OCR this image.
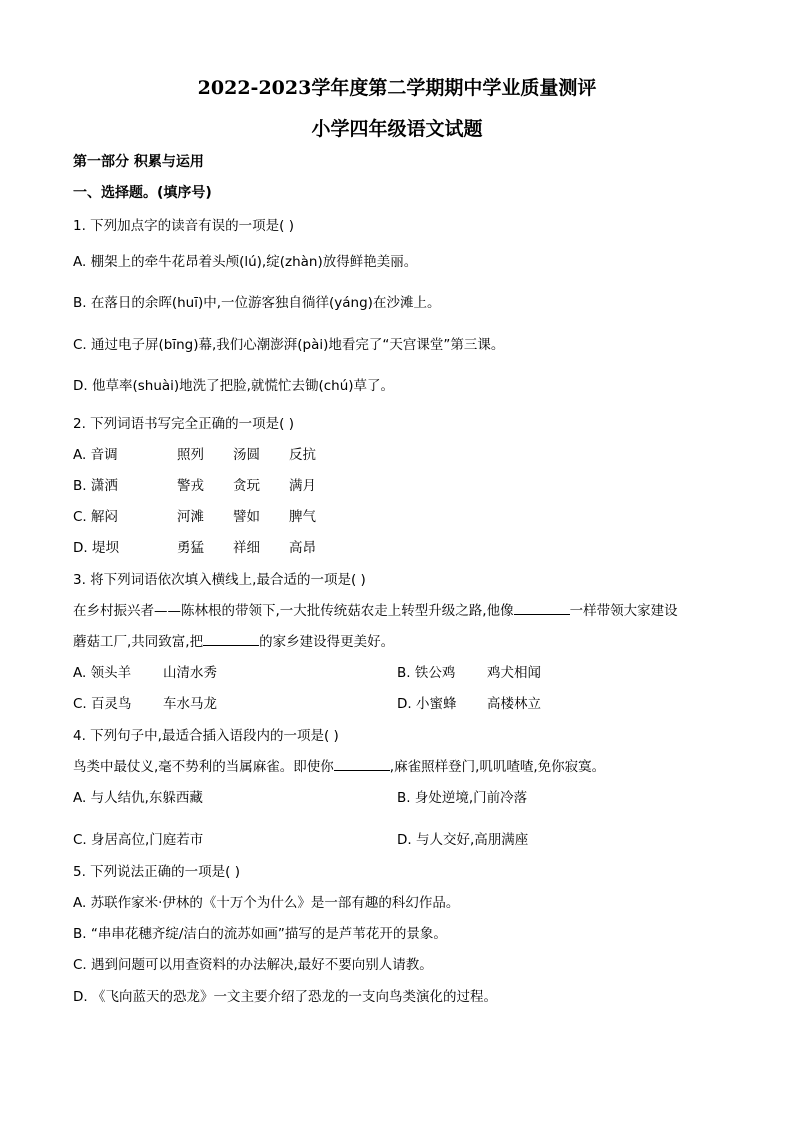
2022-2023学年度第二学期期中学业质量测评
小学四年级语文试题
第一部分 积累与运用
一、选择题。(填序号)
1. 下列加点字的读音有误的一项是( )
A. 棚架上的牵牛花昂着头颅(lú),绽(zhàn)放得鲜艳美丽。
B. 在落日的余晖(huī)中,一位游客独自徜徉(yáng)在沙滩上。
C. 通过电子屏(bīng)幕,我们心潮澎湃(pài)地看完了“天宫课堂”第三课。
D. 他草率(shuài)地洗了把脸,就慌忙去锄(chú)草了。
2. 下列词语书写完全正确的一项是( )
A. 音调	照列 汤圆 反抗
B. 潇洒	警戎 贪玩 满月
C. 解闷	河滩 譬如 脾气
D. 堤坝	勇猛 祥细 高昂
3. 将下列词语依次填入横线上,最合适的一项是( )
在乡村振兴者——陈林根的带领下,一大批传统菇农走上转型升级之路,他像	一样带领大家建设
蘑菇工厂,共同致富,把	的家乡建设得更美好。
A. 领头羊 山清水秀	B. 铁公鸡 鸡犬相闻
C. 百灵鸟 车水马龙	D. 小蜜蜂 高楼林立
4. 下列句子中,最适合插入语段内的一项是( )
鸟类中最仗义,毫不势利的当属麻雀。即使你	,麻雀照样登门,叽叽喳喳,免你寂寞。
A. 与人结仇,东躲西藏	B. 身处逆境,门前冷落
C. 身居高位,门庭若市	D. 与人交好,高朋满座
5. 下列说法正确的一项是( )
A. 苏联作家米·伊林的《十万个为什么》是一部有趣的科幻作品。
B. “串串花穗齐绽/洁白的流苏如画”描写的是芦苇花开的景象。
C. 遇到问题可以用查资料的办法解决,最好不要向别人请教。
D. 《飞向蓝天的恐龙》一文主要介绍了恐龙的一支向鸟类演化的过程。
